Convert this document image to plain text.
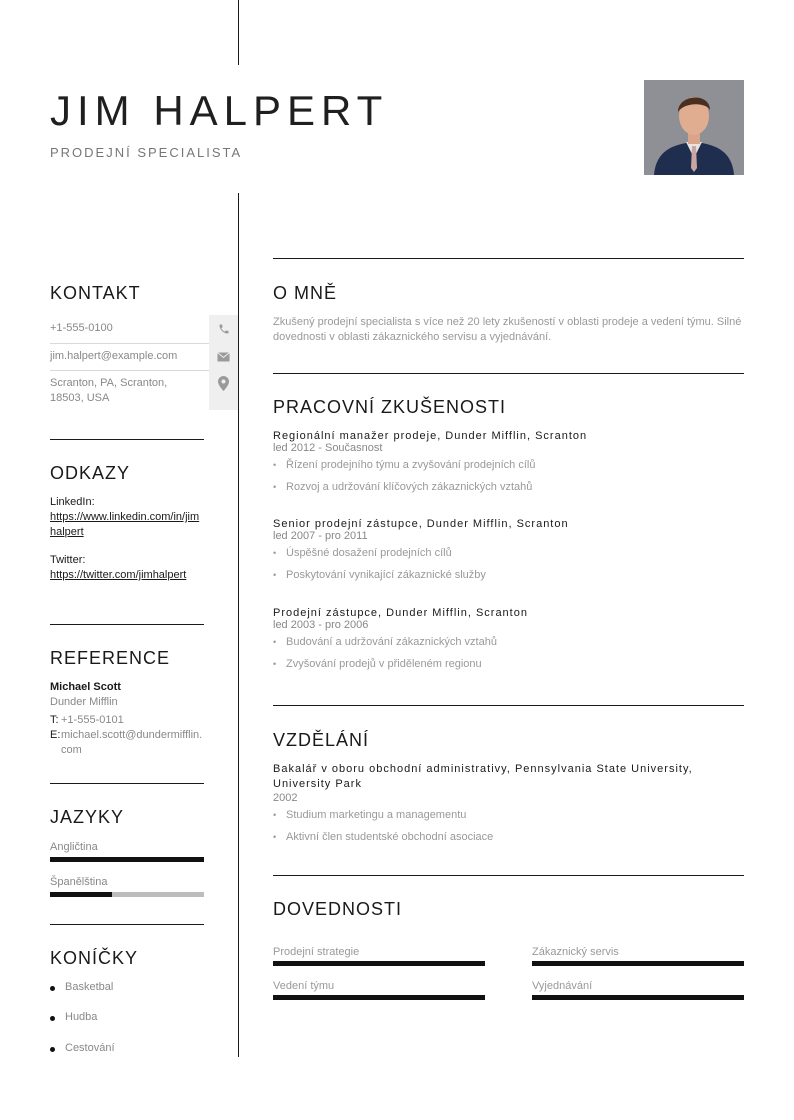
JIM HALPERT
PRODEJNÍ SPECIALISTA
KONTAKT
+1-555-0100
jim.halpert@example.com
Scranton, PA, Scranton, 18503, USA
ODKAZY
LinkedIn:
https://www.linkedin.com/in/jimhalpert
Twitter:
https://twitter.com/jimhalpert
REFERENCE
Michael Scott
Dunder Mifflin
T: +1-555-0101
E: michael.scott@dundermifflin.com
JAZYKY
Angličtina
Španělština
KONÍČKY
Basketbal
Hudba
Cestování
O MNĚ
Zkušený prodejní specialista s více než 20 lety zkušeností v oblasti prodeje a vedení týmu. Silné dovednosti v oblasti zákaznického servisu a vyjednávání.
PRACOVNÍ ZKUŠENOSTI
Regionální manažer prodeje, Dunder Mifflin, Scranton
led 2012 - Současnost
• Řízení prodejního týmu a zvyšování prodejních cílů
• Rozvoj a udržování klíčových zákaznických vztahů
Senior prodejní zástupce, Dunder Mifflin, Scranton
led 2007 - pro 2011
• Úspěšné dosažení prodejních cílů
• Poskytování vynikající zákaznické služby
Prodejní zástupce, Dunder Mifflin, Scranton
led 2003 - pro 2006
• Budování a udržování zákaznických vztahů
• Zvyšování prodejů v přiděleném regionu
VZDĚLÁNÍ
Bakalář v oboru obchodní administrativy, Pennsylvania State University, University Park
2002
• Studium marketingu a managementu
• Aktivní člen studentské obchodní asociace
DOVEDNOSTI
Prodejní strategie	Zákaznický servis
Vedení týmu	Vyjednávání
